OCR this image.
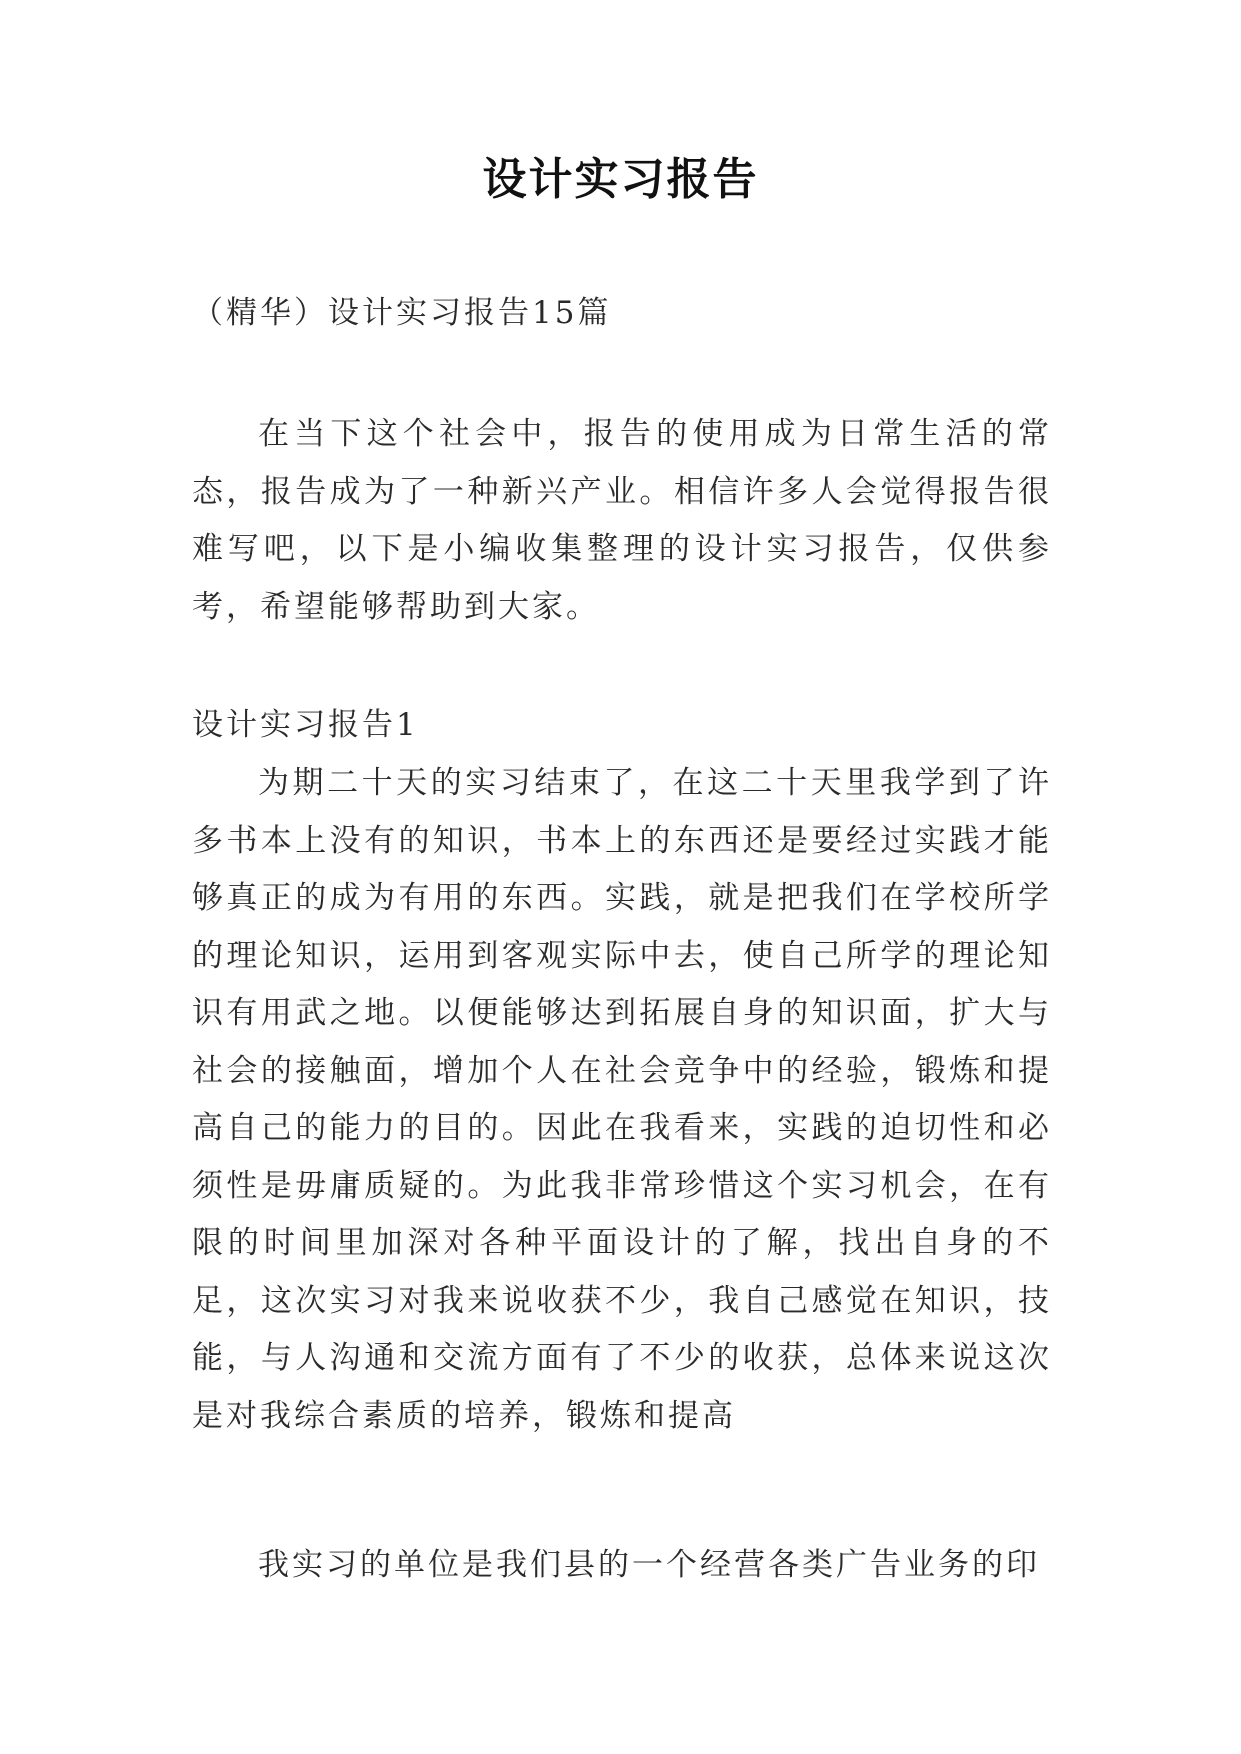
设计实习报告

（精华）设计实习报告15篇

在当下这个社会中，报告的使用成为日常生活的常态，报告成为了一种新兴产业。相信许多人会觉得报告很难写吧，以下是小编收集整理的设计实习报告，仅供参考，希望能够帮助到大家。

设计实习报告1

为期二十天的实习结束了，在这二十天里我学到了许多书本上没有的知识，书本上的东西还是要经过实践才能够真正的成为有用的东西。实践，就是把我们在学校所学的理论知识，运用到客观实际中去，使自己所学的理论知识有用武之地。以便能够达到拓展自身的知识面，扩大与社会的接触面，增加个人在社会竞争中的经验，锻炼和提高自己的能力的目的。因此在我看来，实践的迫切性和必须性是毋庸质疑的。为此我非常珍惜这个实习机会，在有限的时间里加深对各种平面设计的了解，找出自身的不足，这次实习对我来说收获不少，我自己感觉在知识，技能，与人沟通和交流方面有了不少的收获，总体来说这次是对我综合素质的培养，锻炼和提高

我实习的单位是我们县的一个经营各类广告业务的印
